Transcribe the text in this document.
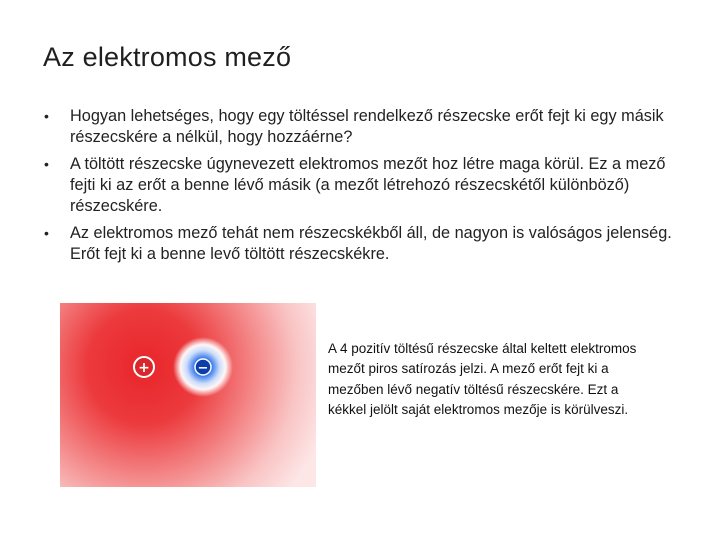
Az elektromos mező
• Hogyan lehetséges, hogy egy töltéssel rendelkező részecske erőt fejt ki egy másik részecskére a nélkül, hogy hozzáérne?
• A töltött részecske úgynevezett elektromos mezőt hoz létre maga körül. Ez a mező fejti ki az erőt a benne lévő másik (a mezőt létrehozó részecskétől különböző) részecskére.
• Az elektromos mező tehát nem részecskékből áll, de nagyon is valóságos jelenség. Erőt fejt ki a benne levő töltött részecskékre.
+	−

A 4 pozitív töltésű részecske által keltett elektromos mezőt piros satírozás jelzi. A mező erőt fejt ki a mezőben lévő negatív töltésű részecskére. Ezt a kékkel jelölt saját elektromos mezője is körülveszi.
